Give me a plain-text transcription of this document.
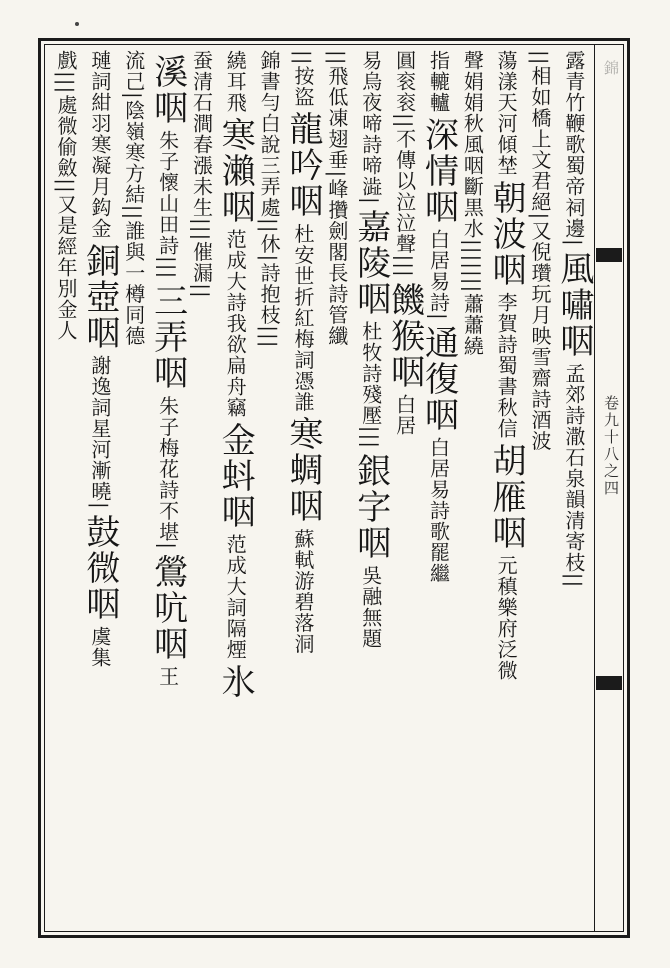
錦
卷九十八之四
露青竹鞭歌蜀帝祠邊|風嘯咽孟郊詩潵石泉韻清寄枝||
||相如橋上文君絕|又倪瓚玩月映雪齋詩酒波
蕩漾天河傾埜朝波咽李賀詩蜀書秋信胡雁咽元稹樂府泛微
聲娟娟秋風咽斷黒水|||||||蕭蕭繞
指轆轤深情咽白居易詩|通復咽白居易詩歌罷繼
圓衮衮||不傳以泣泣聲|||饑猴咽白居
易烏夜啼詩啼澁|嘉陵咽杜牧詩殘壓|||銀字咽吳融無題
||飛低凍翅垂|峰攢劍閣長詩管纖
||按盜龍吟咽杜安世折紅梅詞憑誰寒蜩咽蘇軾游碧落洞
錦書勻白說三弄處||休|詩抱枝|||
繞耳飛寒瀨咽范成大詩我欲扁舟竊金蚪咽范成大詞隔煙氷
蚕清石澗春漲未生|||催漏||
溪咽朱子懷山田詩|||三弄咽朱子梅花詩不堪|鶯吭咽王
流己|陰嶺寒方結||誰與一樽同德
璉詞紺羽寒凝月鈎金銅壺咽謝逸詞星河漸曉|鼓微咽虞集
戲|||處微偷斂||又是經年別金人
